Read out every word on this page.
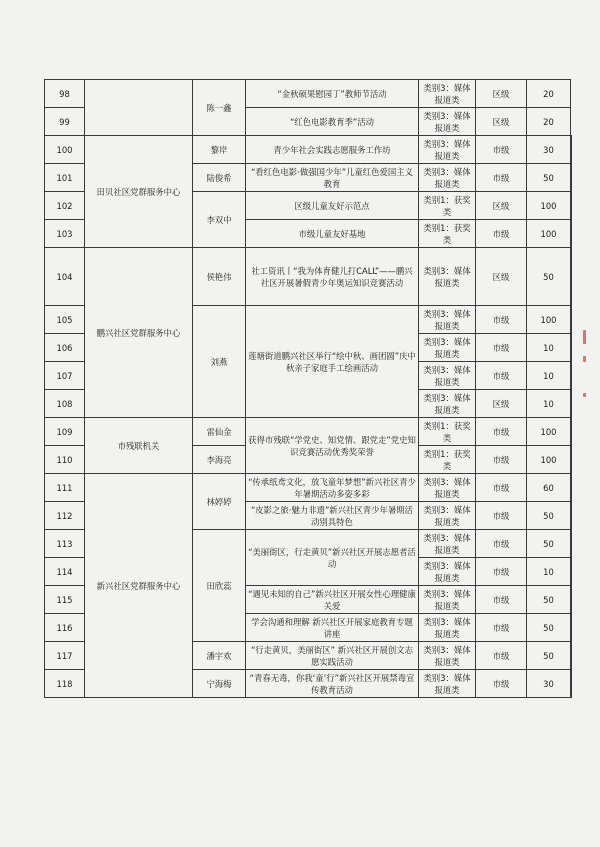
98		陈一鑫	“金秋硕果慰园丁”教师节活动	类别3：媒体报道类	区级	20	
99			“红色电影教育季”活动	类别3：媒体报道类	区级	20	
100	田贝社区党群服务中心	黎岸	青少年社会实践志愿服务工作坊	类别3：媒体报道类	市级	30	
101		陆俊希	“看红色电影·做强国少年”儿童红色爱国主义教育	类别3：媒体报道类	市级	50	
102		李双中	区级儿童友好示范点	类别1：获奖类	区级	100	
103			市级儿童友好基地	类别1：获奖类	市级	100	
104	鹏兴社区党群服务中心	侯艳伟	社工资讯丨“我为体育健儿打CALL”——鹏兴社区开展暑假青少年奥运知识竞赛活动	类别3：媒体报道类	区级	50	
105		刘燕	莲塘街道鹏兴社区举行“绘中秋、画团圆”庆中秋亲子家庭手工绘画活动	类别3：媒体报道类	市级	100	
106				类别3：媒体报道类	市级	10	
107				类别3：媒体报道类	市级	10	
108				类别3：媒体报道类	区级	10	
109	市残联机关	雷仙金	获得市残联“学党史、知党情、跟党走”党史知识竞赛活动优秀奖荣誉	类别1：获奖类	市级	100	
110		李海亮		类别1：获奖类	市级	100	
111	新兴社区党群服务中心	林婷婷	“传承纸鸢文化，放飞童年梦想”新兴社区青少年暑期活动多姿多彩	类别3：媒体报道类	市级	60	
112			“皮影之旅·魅力非遗”新兴社区青少年暑期活动别具特色	类别3：媒体报道类	市级	50	
113		田欣蕊	“美丽街区，行走黄贝”新兴社区开展志愿者活动	类别3：媒体报道类	市级	50	
114				类别3：媒体报道类	市级	10	
115			“遇见未知的自己”新兴社区开展女性心理健康关爱	类别3：媒体报道类	市级	50	
116			学会沟通和理解 新兴社区开展家庭教育专题讲座	类别3：媒体报道类	市级	50	
117		潘宇欢	“行走黄贝，美丽街区” 新兴社区开展创文志愿实践活动	类别3：媒体报道类	市级	50	
118		宁海梅	“青春无毒，你我‘童’行”新兴社区开展禁毒宣传教育活动	类别3：媒体报道类	市级	30	
